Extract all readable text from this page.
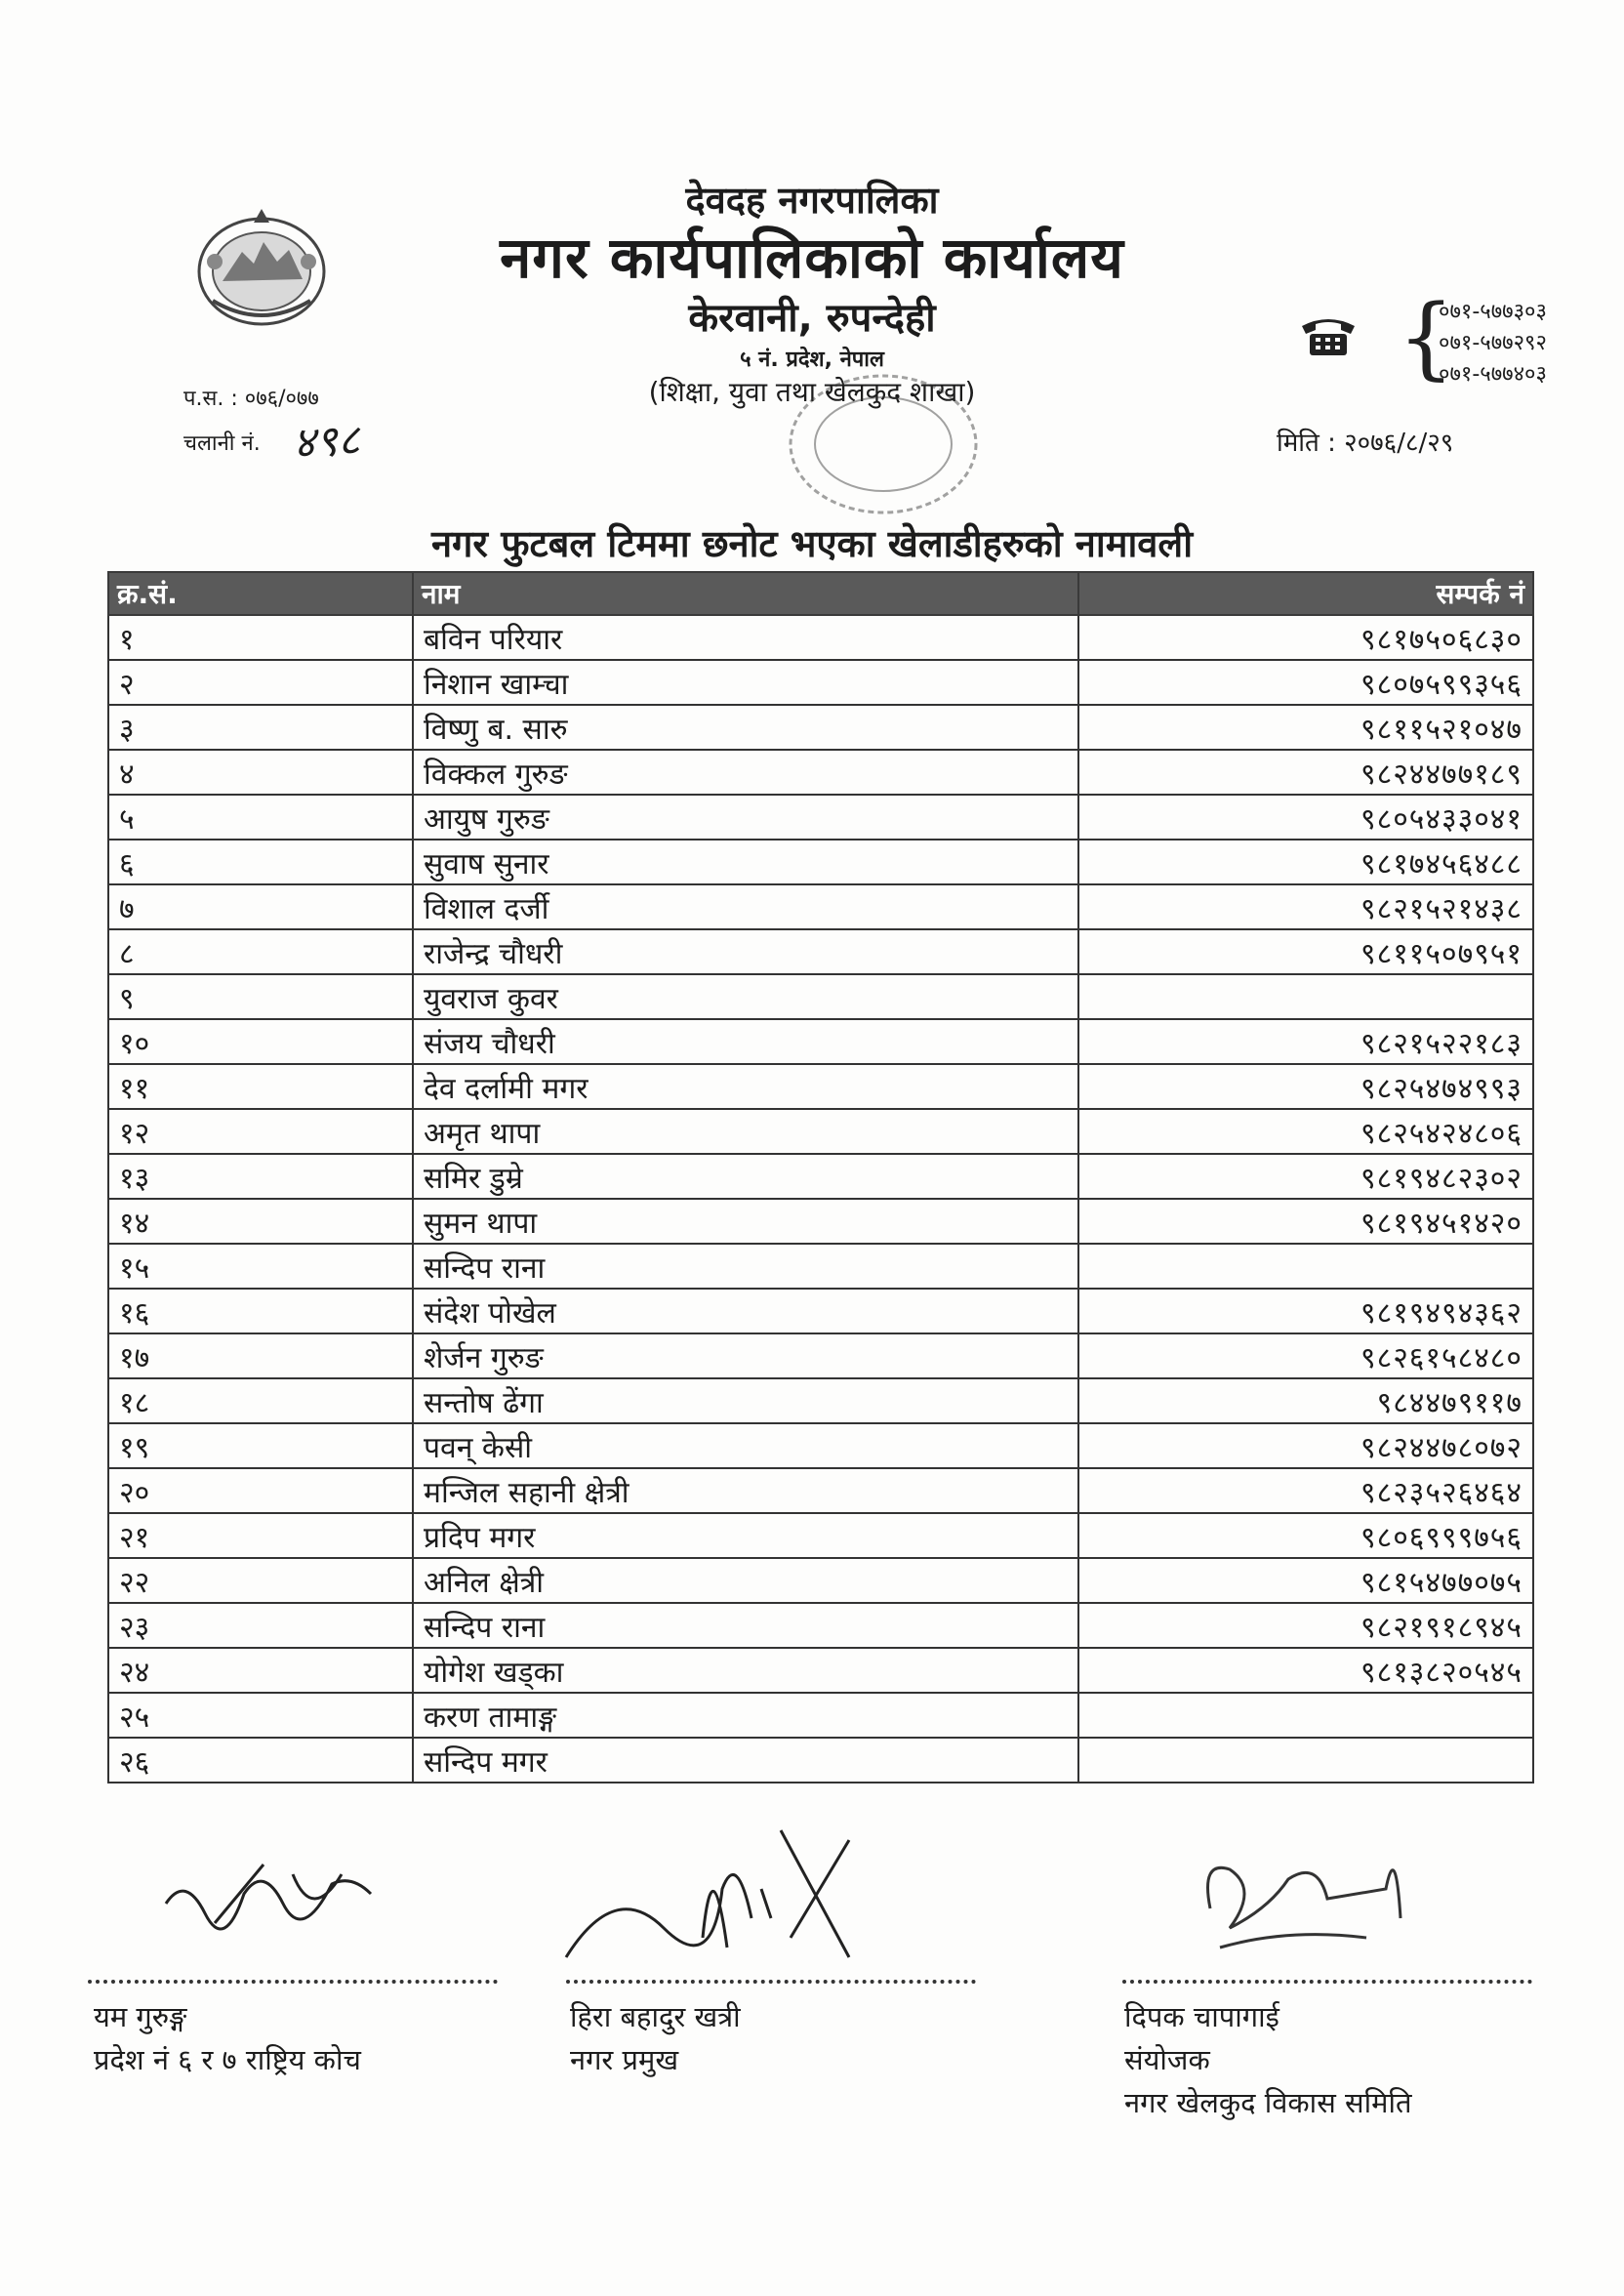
देवदह नगरपालिका
नगर कार्यपालिकाको कार्यालय
केरवानी, रुपन्देही
५ नं. प्रदेश, नेपाल
(शिक्षा, युवा तथा खेलकुद शाखा)
{
०७१-५७७३०३
०७१-५७७२९२
०७१-५७७४०३
प.स. : ०७६/०७७
चलानी नं. ४९८	मिति : २०७६/८/२९
नगर फुटबल टिममा छनोट भएका खेलाडीहरुको नामावली
क्र.सं.	नाम	सम्पर्क नं
१	बविन परियार	९८१७५०६८३०
२	निशान खाम्चा	९८०७५९९३५६
३	विष्णु ब. सारु	९८११५२१०४७
४	विक्कल गुरुङ	९८२४४७७१८९
५	आयुष गुरुङ	९८०५४३३०४१
६	सुवाष सुनार	९८१७४५६४८८
७	विशाल दर्जी	९८२१५२१४३८
८	राजेन्द्र चौधरी	९८११५०७९५१
९	युवराज कुवर	
१०	संजय चौधरी	९८२१५२२१८३
११	देव दर्लामी मगर	९८२५४७४९९३
१२	अमृत थापा	९८२५४२४८०६
१३	समिर डुम्रे	९८१९४८२३०२
१४	सुमन थापा	९८१९४५१४२०
१५	सन्दिप राना	
१६	संदेश पोखेल	९८१९४९४३६२
१७	शेर्जन गुरुङ	९८२६१५८४८०
१८	सन्तोष ढेंगा	९८४४७९११७
१९	पवन् केसी	९८२४४७८०७२
२०	मन्जिल सहानी क्षेत्री	९८२३५२६४६४
२१	प्रदिप मगर	९८०६९९९७५६
२२	अनिल क्षेत्री	९८१५४७७०७५
२३	सन्दिप राना	९८२१९१८९४५
२४	योगेश खड्का	९८१३८२०५४५
२५	करण तामाङ्ग	
२६	सन्दिप मगर	
यम गुरुङ्ग
प्रदेश नं ६ र ७ राष्ट्रिय कोच
हिरा बहादुर खत्री
नगर प्रमुख
दिपक चापागाई
संयोजक
नगर खेलकुद विकास समिति
